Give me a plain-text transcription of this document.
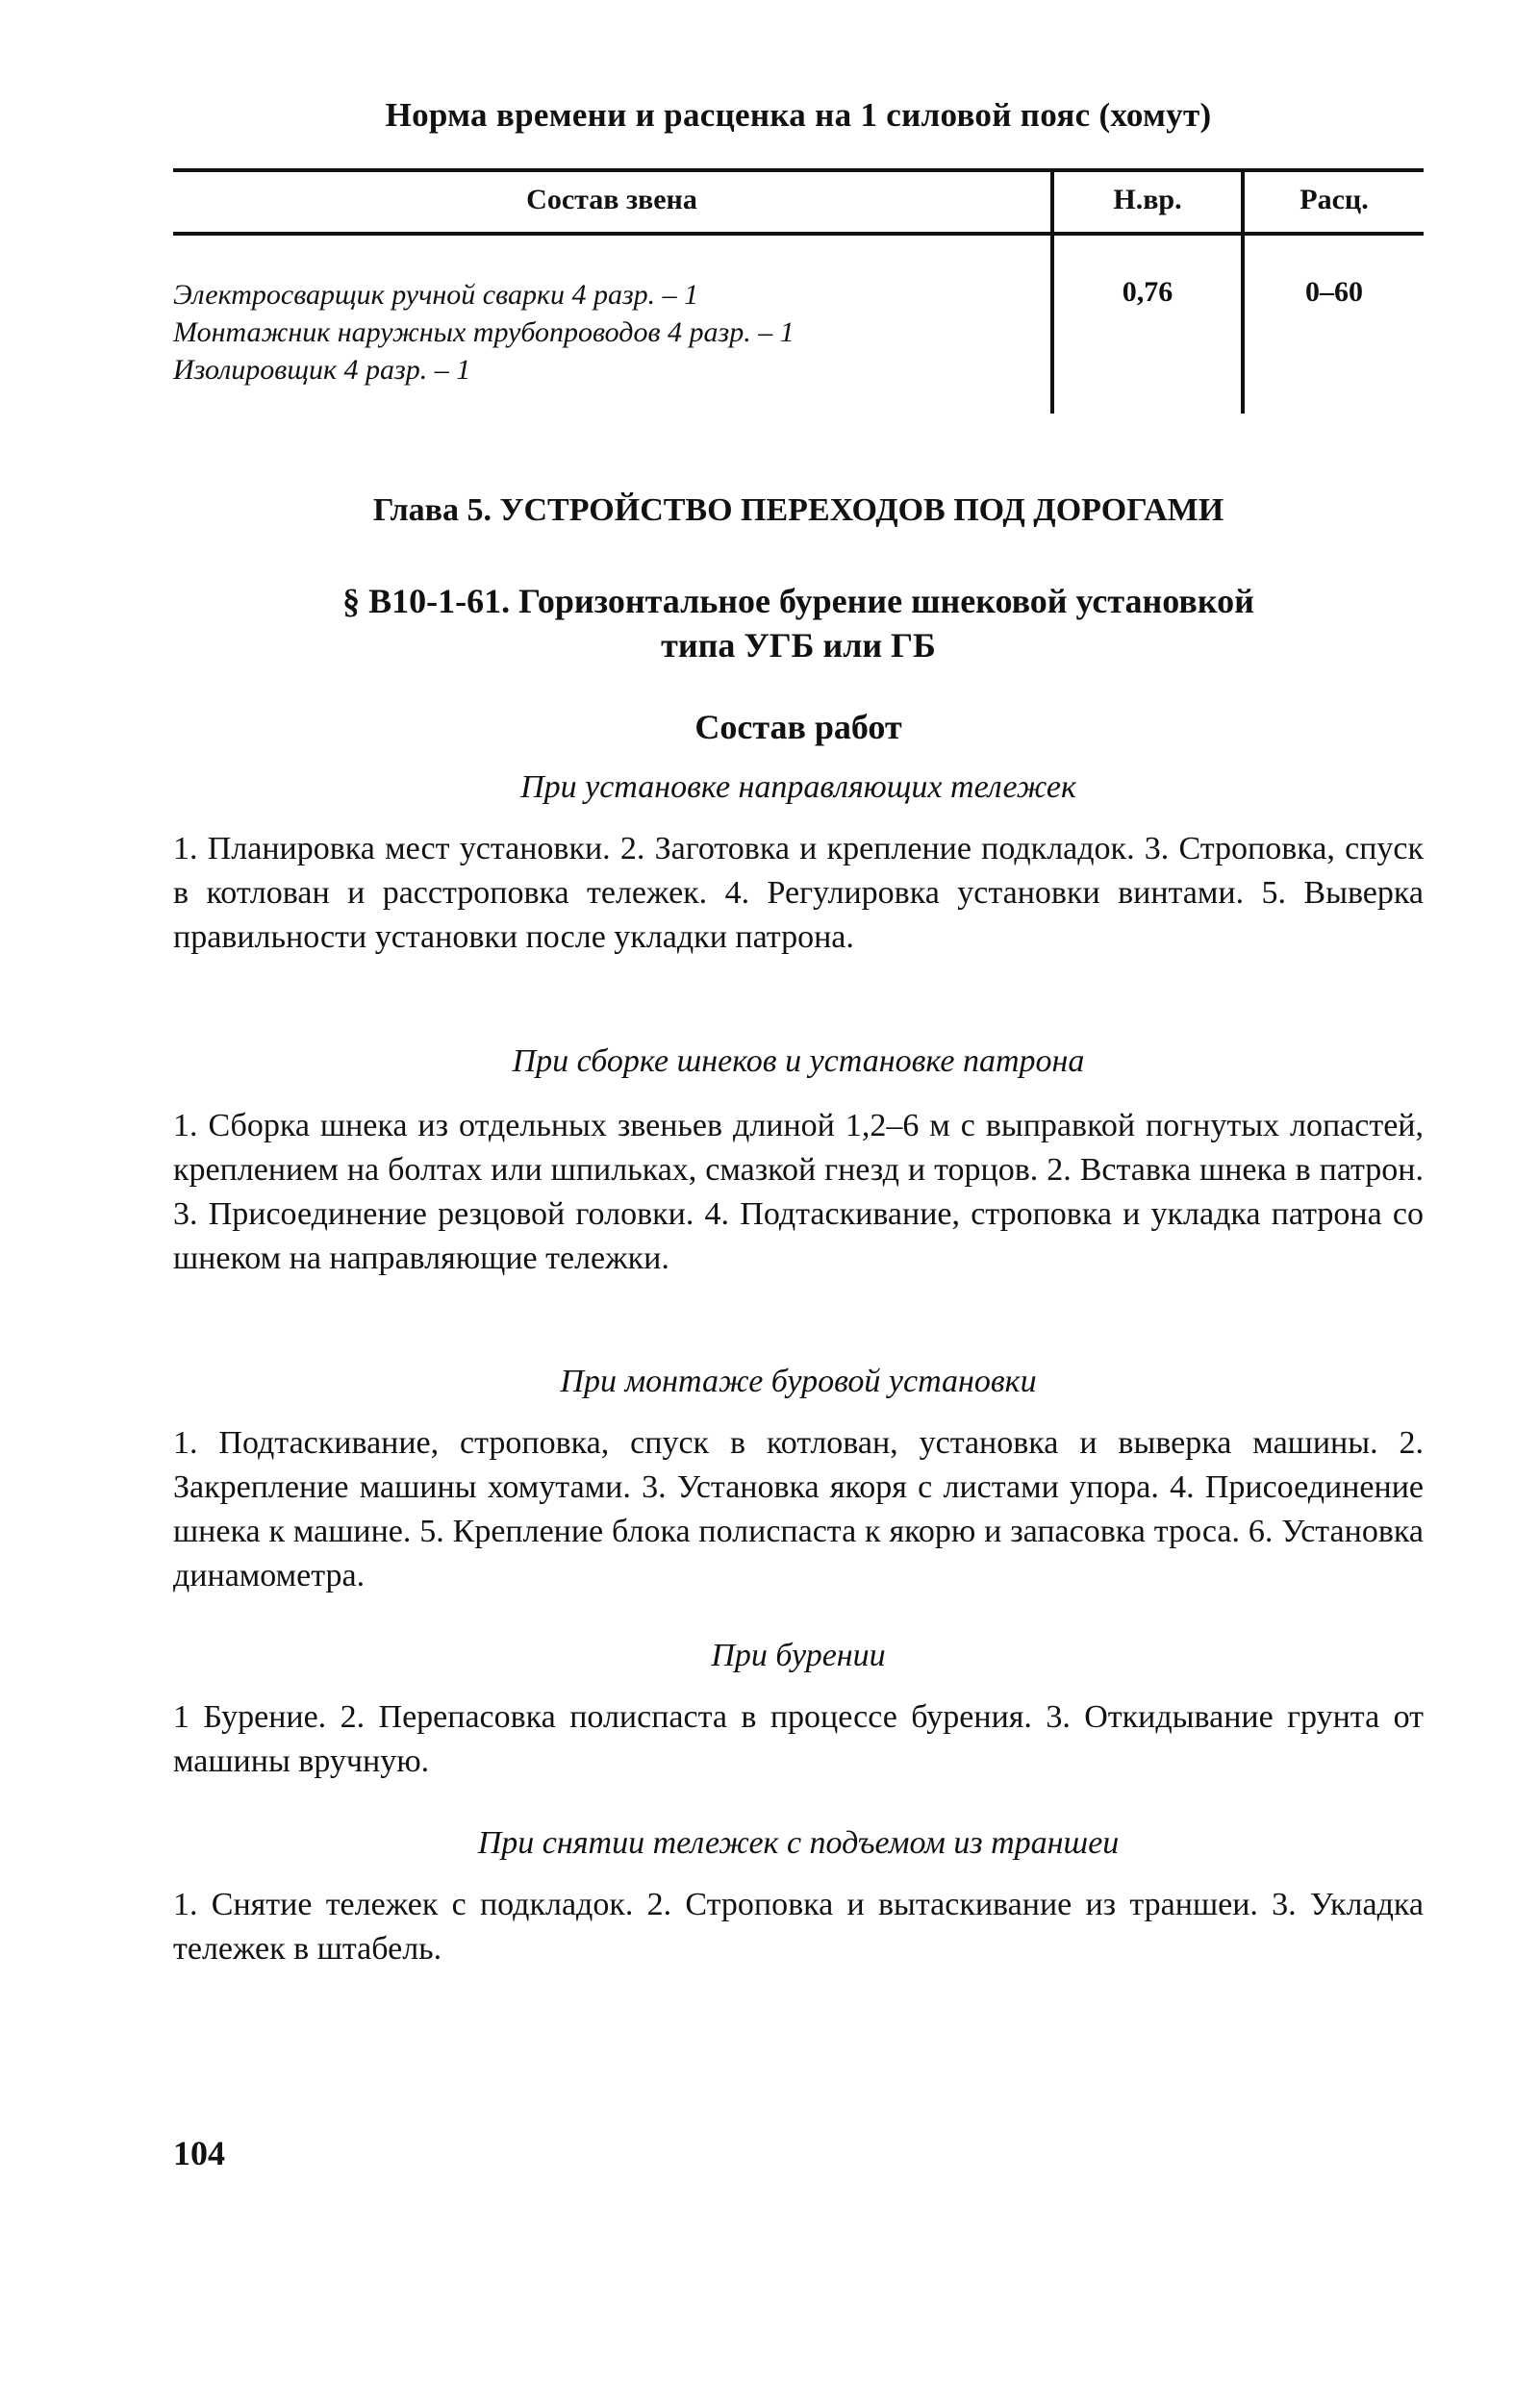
Норма времени и расценка на 1 силовой пояс (хомут)
Состав звена	Н.вр.	Расц.
Электросварщик ручной сварки 4 разр. – 1
Монтажник наружных трубопроводов 4 разр. – 1
Изолировщик 4 разр. – 1
0,76	0–60
Глава 5. УСТРОЙСТВО ПЕРЕХОДОВ ПОД ДОРОГАМИ
§ В10-1-61. Горизонтальное бурение шнековой установкой
типа УГБ или ГБ
Состав работ
При установке направляющих тележек
1. Планировка мест установки. 2. Заготовка и крепление подкладок. 3. Строповка, спуск в котлован и расстроповка тележек. 4. Регулировка установки винтами. 5. Выверка правильности установки после укладки патрона.
При сборке шнеков и установке патрона
1. Сборка шнека из отдельных звеньев длиной 1,2–6 м с выправкой погнутых лопастей, креплением на болтах или шпильках, смазкой гнезд и торцов. 2. Вставка шнека в патрон. 3. Присоединение резцовой головки. 4. Подтаскивание, строповка и укладка патрона со шнеком на направляющие тележки.
При монтаже буровой установки
1. Подтаскивание, строповка, спуск в котлован, установка и выверка машины. 2. Закрепление машины хомутами. 3. Установка якоря с листами упора. 4. Присоединение шнека к машине. 5. Крепление блока полиспаста к якорю и запасовка троса. 6. Установка динамометра.
При бурении
1 Бурение. 2. Перепасовка полиспаста в процессе бурения. 3. Откидывание грунта от машины вручную.
При снятии тележек с подъемом из траншеи
1. Снятие тележек с подкладок. 2. Строповка и вытаскивание из траншеи. 3. Укладка тележек в штабель.
104
